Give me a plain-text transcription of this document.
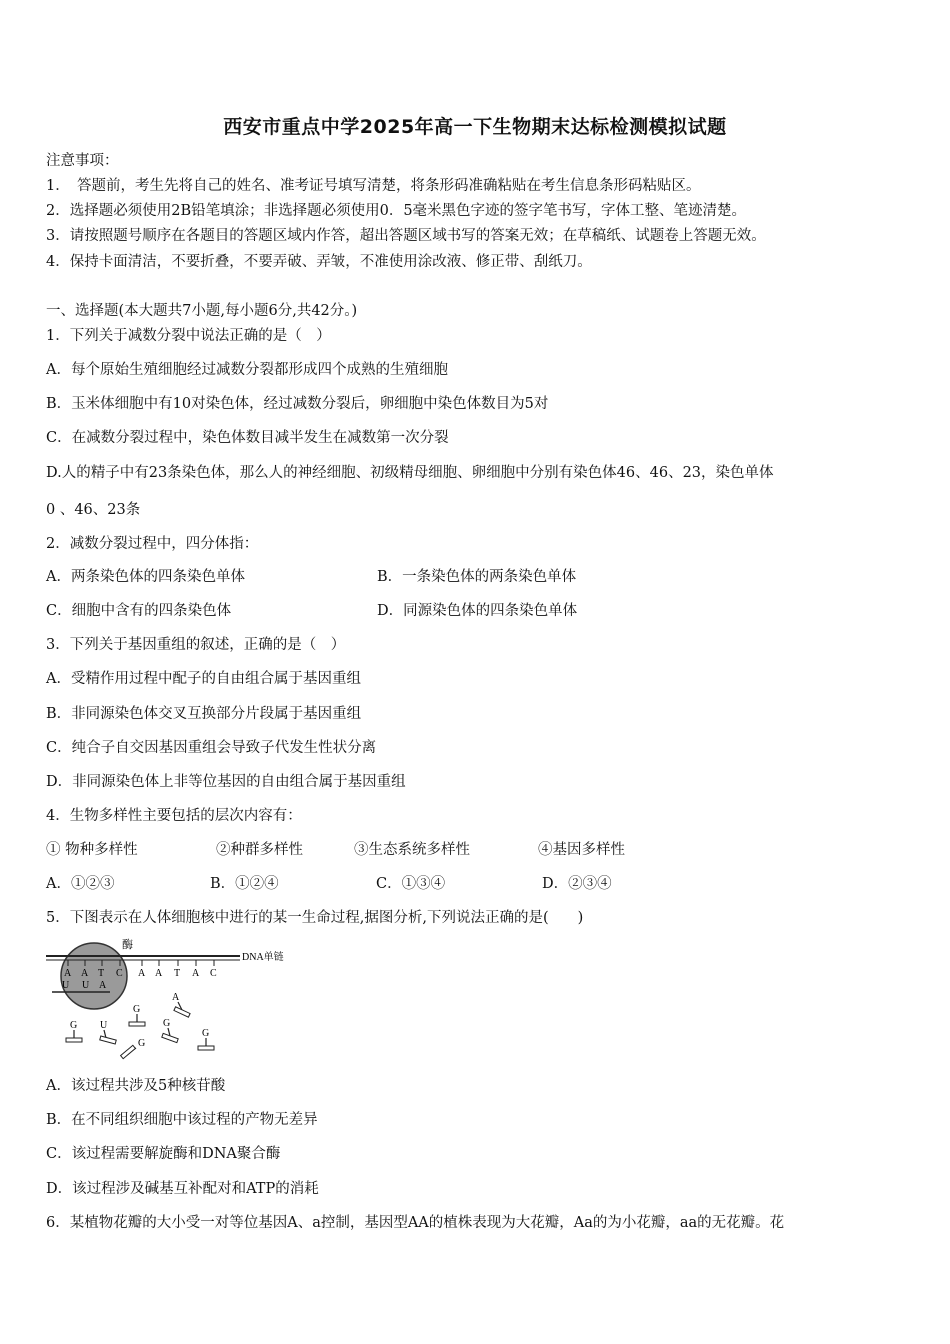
西安市重点中学2025年高一下生物期末达标检测模拟试题
注意事项：
1．　答题前，考生先将自己的姓名、准考证号填写清楚，将条形码准确粘贴在考生信息条形码粘贴区。
2．选择题必须使用2B铅笔填涂；非选择题必须使用0．5毫米黑色字迹的签字笔书写，字体工整、笔迹清楚。
3．请按照题号顺序在各题目的答题区域内作答，超出答题区域书写的答案无效；在草稿纸、试题卷上答题无效。
4．保持卡面清洁，不要折叠，不要弄破、弄皱，不准使用涂改液、修正带、刮纸刀。
一、选择题(本大题共7小题,每小题6分,共42分。)
1．下列关于减数分裂中说法正确的是（　）
A．每个原始生殖细胞经过减数分裂都形成四个成熟的生殖细胞
B．玉米体细胞中有10对染色体，经过减数分裂后，卵细胞中染色体数目为5对
C．在减数分裂过程中，染色体数目减半发生在减数第一次分裂
D.人的精子中有23条染色体，那么人的神经细胞、初级精母细胞、卵细胞中分别有染色体46、46、23，染色单体
0 、46、23条
2．减数分裂过程中，四分体指：
A．两条染色体的四条染色单体	B．一条染色体的两条染色单体
C．细胞中含有的四条染色体	D．同源染色体的四条染色单体
3．下列关于基因重组的叙述，正确的是（　）
A．受精作用过程中配子的自由组合属于基因重组
B．非同源染色体交叉互换部分片段属于基因重组
C．纯合子自交因基因重组会导致子代发生性状分离
D．非同源染色体上非等位基因的自由组合属于基因重组
4．生物多样性主要包括的层次内容有：
① 物种多样性	②种群多样性	③生态系统多样性	④基因多样性
A．①②③	B．①②④	C．①③④	D．②③④
5．下图表示在人体细胞核中进行的某一生命过程,据图分析,下列说法正确的是(　　)
酶
DNA单链
A A T C A A T A C
U U A
G U
G
G
G
A
G
A．该过程共涉及5种核苷酸
B．在不同组织细胞中该过程的产物无差异
C．该过程需要解旋酶和DNA聚合酶
D．该过程涉及碱基互补配对和ATP的消耗
6．某植物花瓣的大小受一对等位基因A、a控制，基因型AA的植株表现为大花瓣，Aa的为小花瓣，aa的无花瓣。花
